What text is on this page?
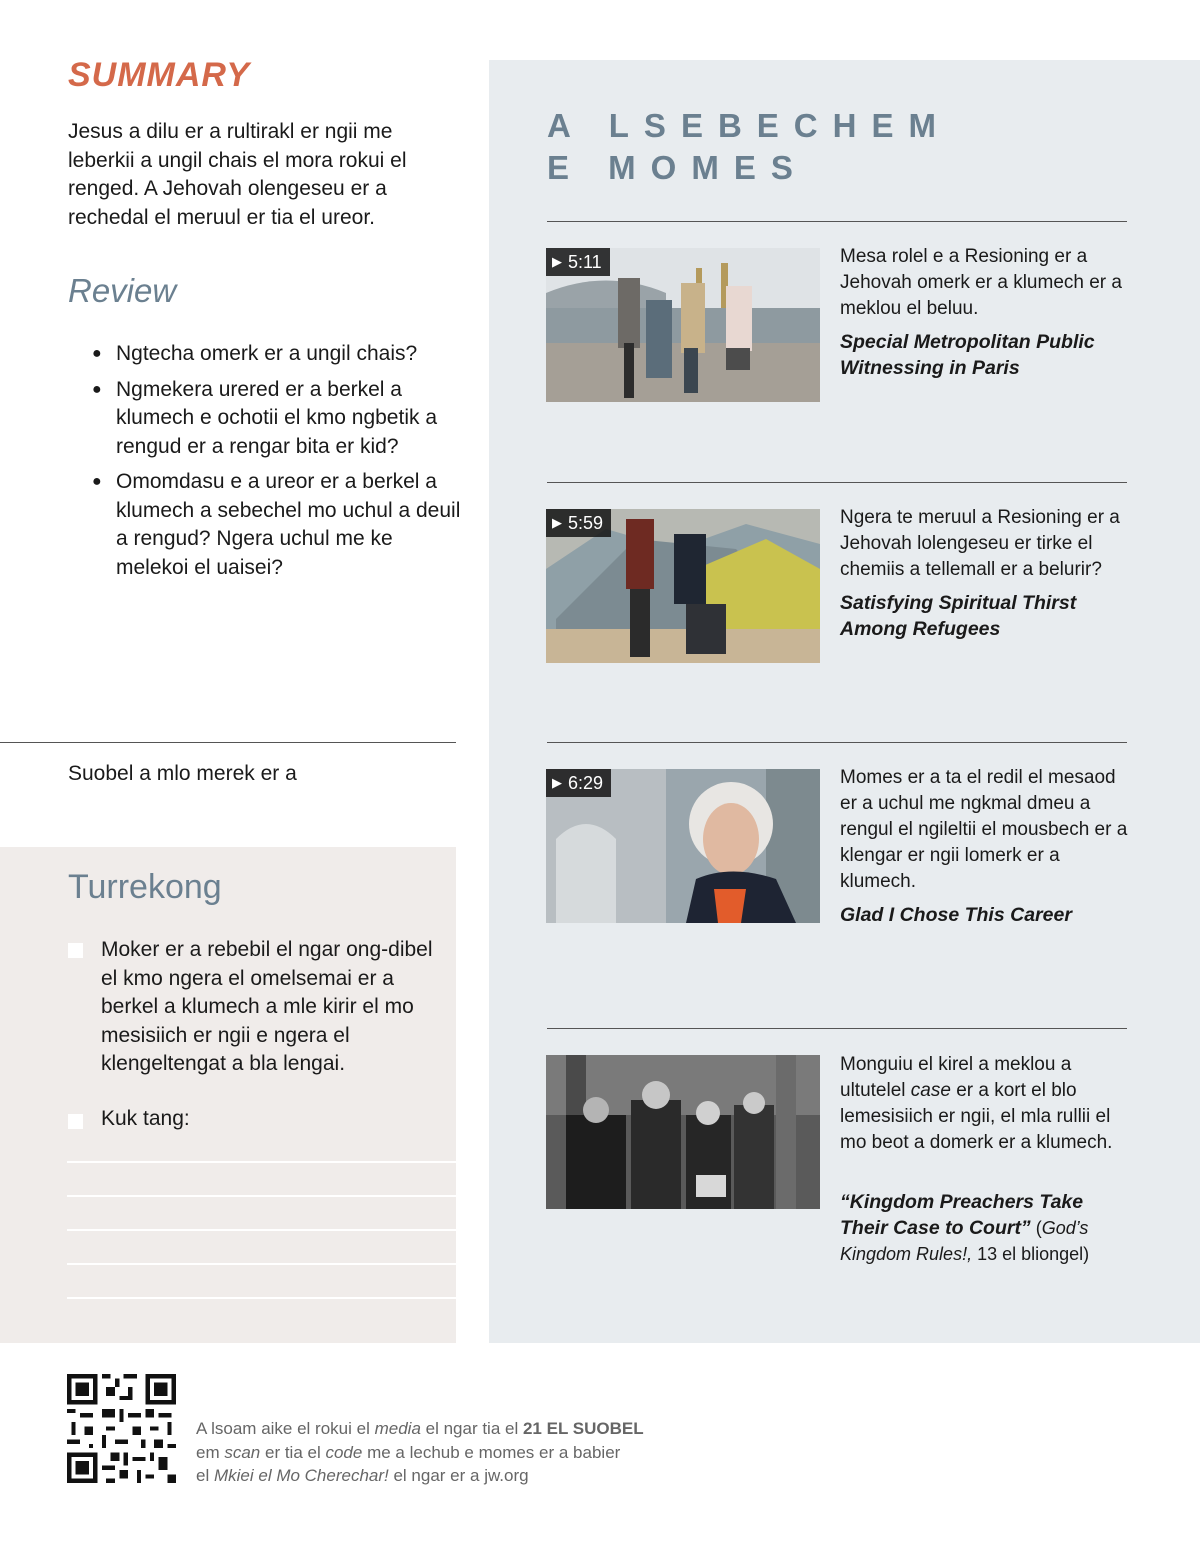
SUMMARY

Jesus a dilu er a rultirakl er ngii me leberkii a ungil chais el mora rokui el renged. A Jehovah olengeseu er a rechedal el meruul er tia el ureor.

Review
● Ngtecha omerk er a ungil chais?
● Ngmekera urered er a berkel a klumech e ochotii el kmo ngbetik a rengud er a rengar bita er kid?
● Omomdasu e a ureor er a berkel a klumech a sebechel mo uchul a deuil a rengud? Ngera uchul me ke melekoi el uaisei?

Suobel a mlo merek er a

Turrekong

Moker er a rebebil el ngar ong-dibel el kmo ngera el omelsemai er a berkel a klumech a mle kirir el mo mesisiich er ngii e ngera el klengeltengat a bla lengai.

Kuk tang:

A LSEBECHEM
E MOMES
▶ 5:11	Mesa rolel e a Resioning er a Jehovah omerk er a klumech er a meklou el beluu.

Special Metropolitan Public Witnessing in Paris

▶ 5:59	Ngera te meruul a Resioning er a Jehovah lolengeseu er tirke el chemiis a tellemall er a belurir?

Satisfying Spiritual Thirst Among Refugees

▶ 6:29	Momes er a ta el redil el mesaod er a uchul me ngkmal dmeu a rengul el ngileltii el mousbech er a klengar er ngii lomerk er a klumech.

Glad I Chose This Career

Monguiu el kirel a meklou a ultutelel case er a kort el blo lemesisiich er ngii, el mla rullii el mo beot a domerk er a klumech.

“Kingdom Preachers Take Their Case to Court” (God’s Kingdom Rules!, 13 el bliongel)

A lsoam aike el rokui el media el ngar tia el 21 EL SUOBEL
em scan er tia el code me a lechub e momes er a babier
el Mkiei el Mo Cherechar! el ngar er a jw.org
